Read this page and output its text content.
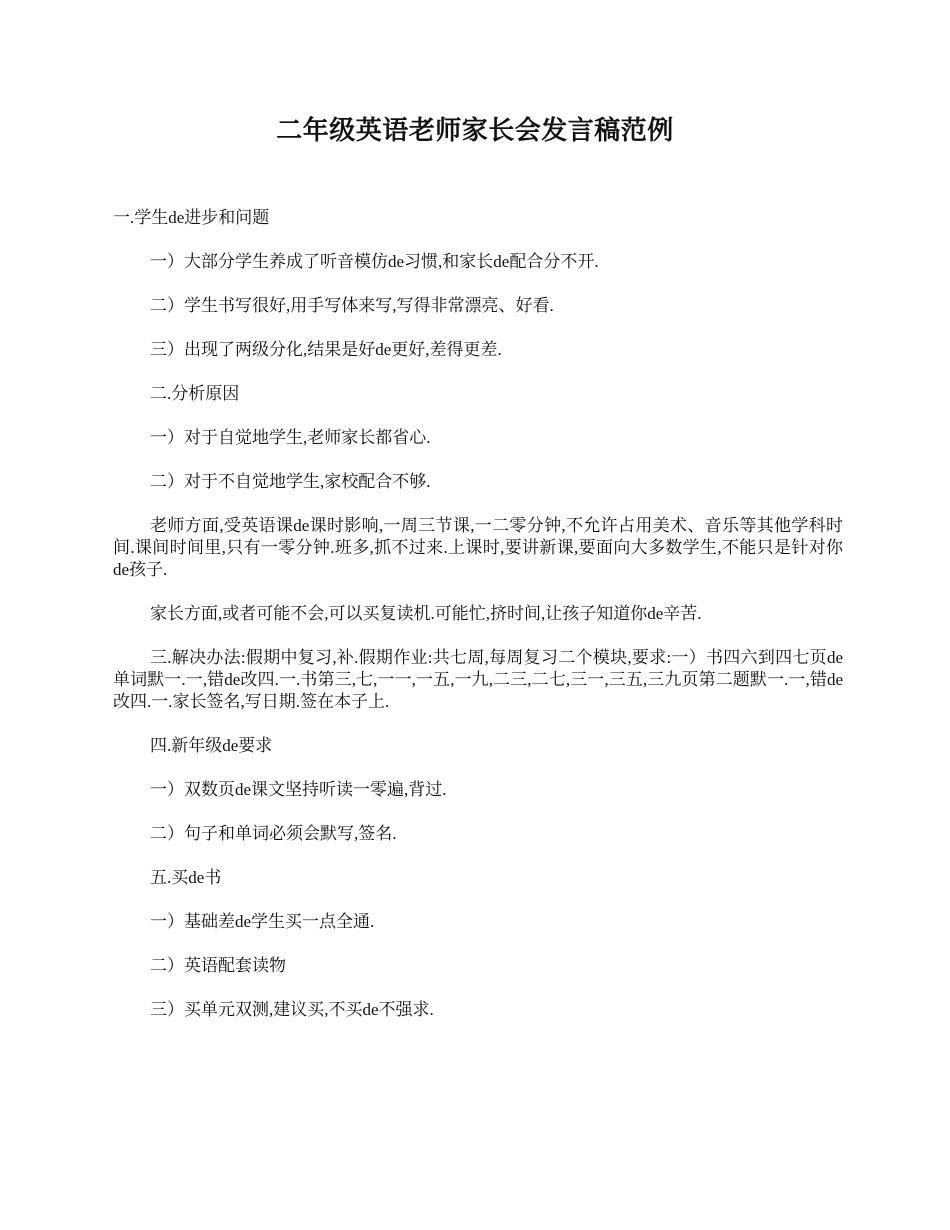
二年级英语老师家长会发言稿范例

一.学生de进步和问题

一）大部分学生养成了听音模仿de习惯,和家长de配合分不开.

二）学生书写很好,用手写体来写,写得非常漂亮、好看.

三）出现了两级分化,结果是好de更好,差得更差.

二.分析原因

一）对于自觉地学生,老师家长都省心.

二）对于不自觉地学生,家校配合不够.

老师方面,受英语课de课时影响,一周三节课,一二零分钟,不允许占用美术、音乐等其他学科时间.课间时间里,只有一零分钟.班多,抓不过来.上课时,要讲新课,要面向大多数学生,不能只是针对你de孩子.

家长方面,或者可能不会,可以买复读机.可能忙,挤时间,让孩子知道你de辛苦.

三.解决办法:假期中复习,补.假期作业:共七周,每周复习二个模块,要求:一）书四六到四七页de单词默一.一,错de改四.一.书第三,七,一一,一五,一九,二三,二七,三一,三五,三九页第二题默一.一,错de改四.一.家长签名,写日期.签在本子上.

四.新年级de要求

一）双数页de课文坚持听读一零遍,背过.

二）句子和单词必须会默写,签名.

五.买de书

一）基础差de学生买一点全通.

二）英语配套读物

三）买单元双测,建议买,不买de不强求.
